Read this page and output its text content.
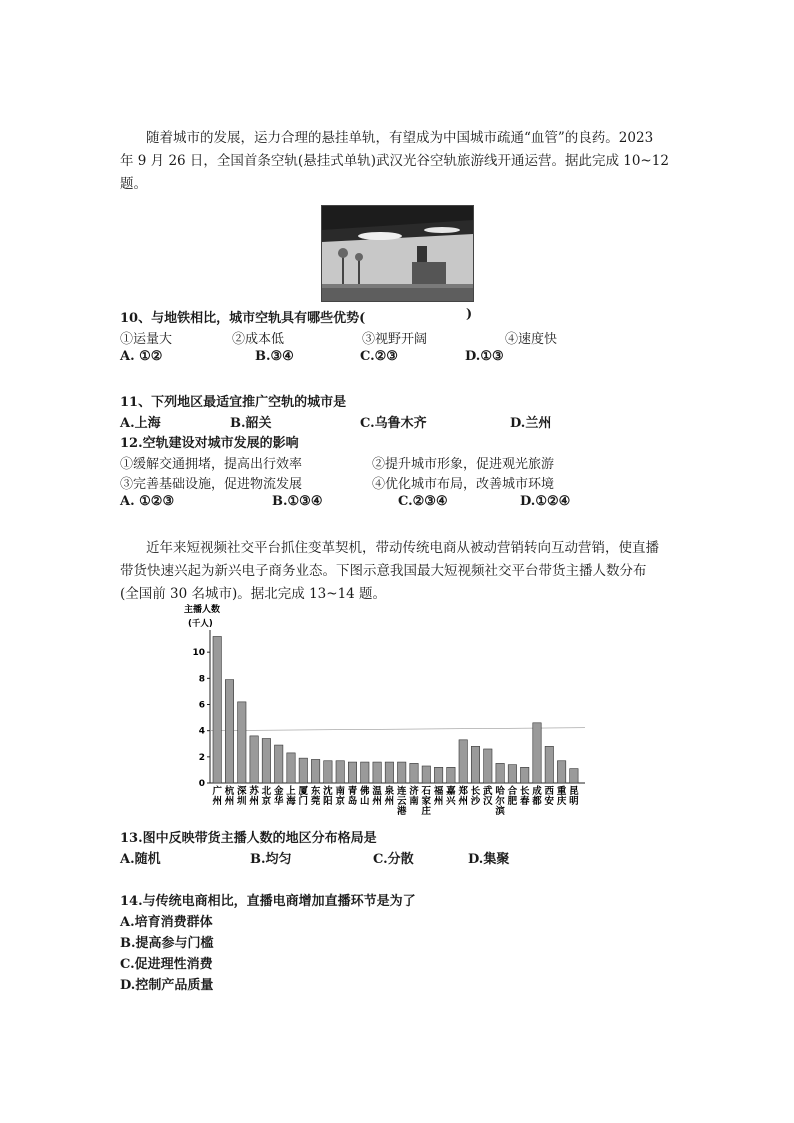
随着城市的发展，运力合理的悬挂单轨，有望成为中国城市疏通“血管”的良药。2023
年 9 月 26 日，全国首条空轨(悬挂式单轨)武汉光谷空轨旅游线开通运营。据此完成 10~12
题。
10、与地铁相比，城市空轨具有哪些优势(	)
①运量大	②成本低	③视野开阔	④速度快
A. ①②	B.③④	C.②③	D.①③
11、下列地区最适宜推广空轨的城市是
A.上海	B.韶关	C.乌鲁木齐	D.兰州
12.空轨建设对城市发展的影响
①缓解交通拥堵，提高出行效率	②提升城市形象，促进观光旅游
③完善基础设施，促进物流发展	④优化城市布局，改善城市环境
A. ①②③	B.①③④	C.②③④	D.①②④
近年来短视频社交平台抓住变革契机，带动传统电商从被动营销转向互动营销，使直播
带货快速兴起为新兴电子商务业态。下图示意我国最大短视频社交平台带货主播人数分布
(全国前 30 名城市)。据北完成 13~14 题。
主播人数
(千人)
0
2
4
6
8
10
广州
杭州
深圳
苏州
北京
金华
上海
厦门
东莞
沈阳
南京
青岛
佛山
温州
泉州
连云港
济南
石家庄
福州
嘉兴
郑州
长沙
武汉
哈尔滨
合肥
长春
成都
西安
重庆
昆明
13.图中反映带货主播人数的地区分布格局是
A.随机	B.均匀	C.分散	D.集聚
14.与传统电商相比，直播电商增加直播环节是为了
A.培育消费群体
B.提高参与门槛
C.促进理性消费
D.控制产品质量
